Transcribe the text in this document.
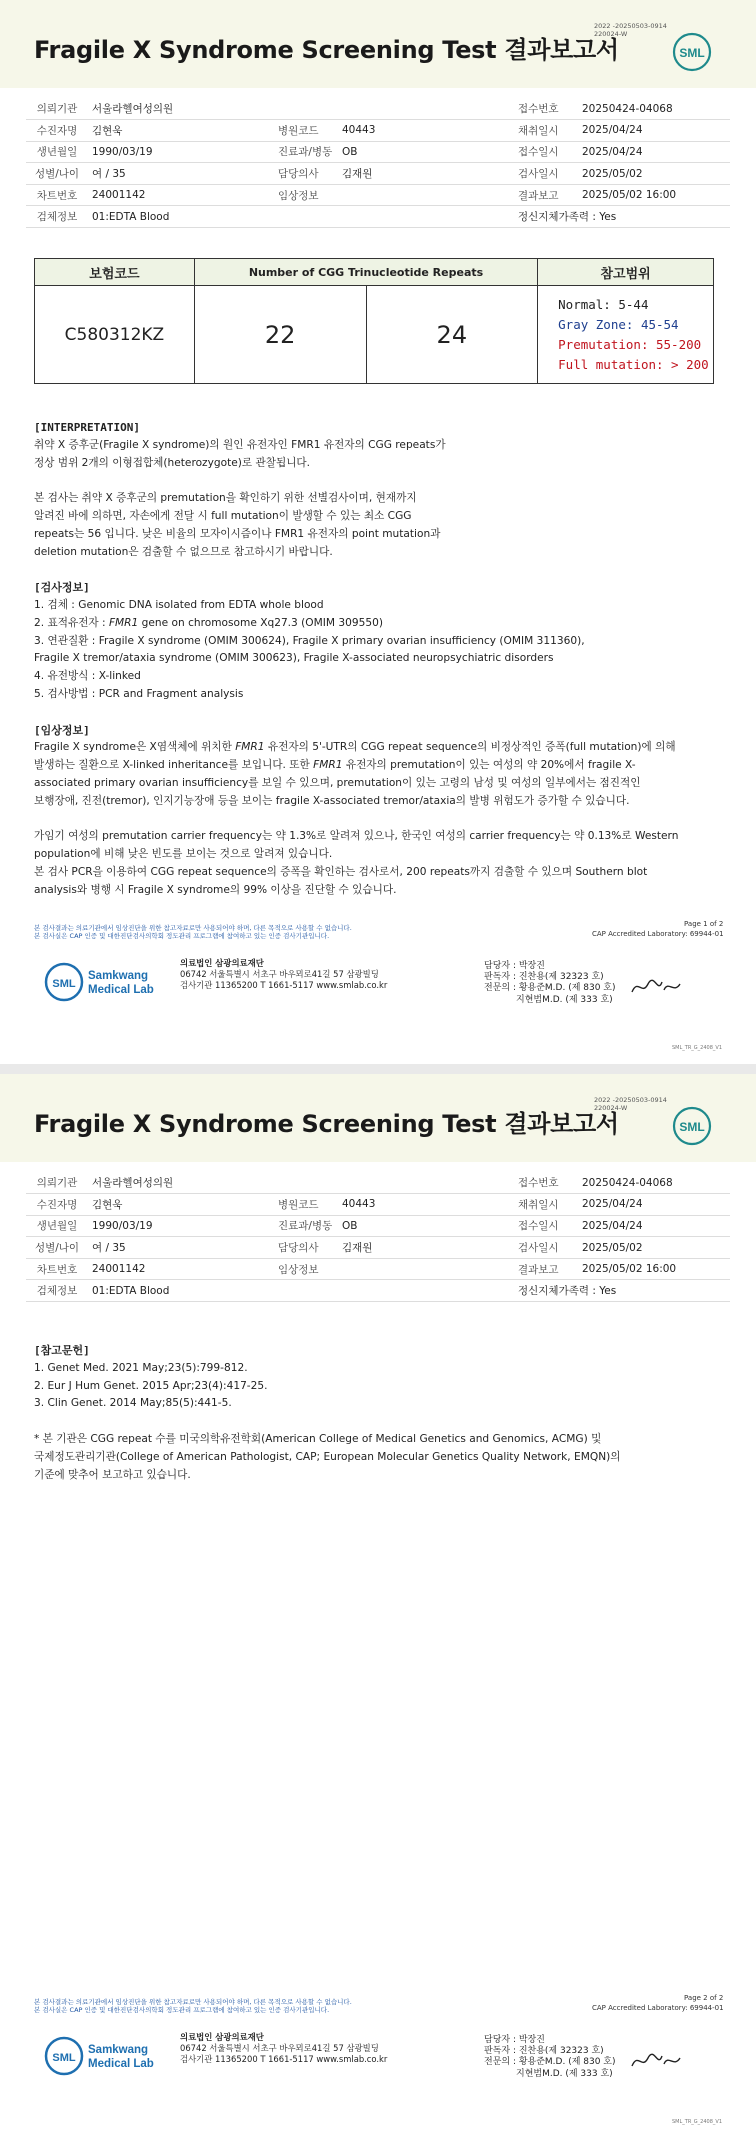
Fragile X Syndrome Screening Test 결과보고서
2022 -20250503-0914
220024-W
SML
의뢰기관	서울라헬여성의원			접수번호	20250424-04068
수진자명	김현욱	병원코드	40443	채취일시	2025/04/24
생년월일	1990/03/19	진료과/병동	OB	접수일시	2025/04/24
성별/나이	여 / 35	담당의사	김재원	검사일시	2025/05/02
차트번호	24001142	임상정보		결과보고	2025/05/02 16:00
검체정보	01:EDTA Blood			정신지체가족력 : Yes	
보험코드	Number of CGG Trinucleotide Repeats		참고범위
C580312KZ	22	24	Normal: 5-44
Gray Zone: 45-54
Premutation: 55-200
Full mutation: > 200
[INTERPRETATION]

취약 X 증후군(Fragile X syndrome)의 원인 유전자인 FMR1 유전자의 CGG repeats가
정상 범위 2개의 이형접합체(heterozygote)로 관찰됩니다.

본 검사는 취약 X 증후군의 premutation을 확인하기 위한 선별검사이며, 현재까지
알려진 바에 의하면, 자손에게 전달 시 full mutation이 발생할 수 있는 최소 CGG
repeats는 56 입니다. 낮은 비율의 모자이시즘이나 FMR1 유전자의 point mutation과
deletion mutation은 검출할 수 없으므로 참고하시기 바랍니다.

[검사정보]

1. 검체 : Genomic DNA isolated from EDTA whole blood

2. 표적유전자 : FMR1 gene on chromosome Xq27.3 (OMIM 309550)

3. 연관질환 : Fragile X syndrome (OMIM 300624), Fragile X primary ovarian insufficiency (OMIM 311360),
Fragile X tremor/ataxia syndrome (OMIM 300623), Fragile X-associated neuropsychiatric disorders

4. 유전방식 : X-linked

5. 검사방법 : PCR and Fragment analysis

[임상정보]

Fragile X syndrome은 X염색체에 위치한 FMR1 유전자의 5'-UTR의 CGG repeat sequence의 비정상적인 증폭(full mutation)에 의해
발생하는 질환으로 X-linked inheritance를 보입니다. 또한 FMR1 유전자의 premutation이 있는 여성의 약 20%에서 fragile X-
associated primary ovarian insufficiency를 보일 수 있으며, premutation이 있는 고령의 남성 및 여성의 일부에서는 점진적인
보행장애, 진전(tremor), 인지기능장애 등을 보이는 fragile X-associated tremor/ataxia의 발병 위험도가 증가할 수 있습니다.

가임기 여성의 premutation carrier frequency는 약 1.3%로 알려져 있으나, 한국인 여성의 carrier frequency는 약 0.13%로 Western
population에 비해 낮은 빈도를 보이는 것으로 알려져 있습니다.
본 검사 PCR을 이용하여 CGG repeat sequence의 증폭을 확인하는 검사로서, 200 repeats까지 검출할 수 있으며 Southern blot
analysis와 병행 시 Fragile X syndrome의 99% 이상을 진단할 수 있습니다.

본 검사결과는 의료기관에서 임상진단을 위한 참고자료로만 사용되어야 하며, 다른 목적으로 사용할 수 없습니다.
본 검사실은 CAP 인증 및 대한진단검사의학회 정도관리 프로그램에 참여하고 있는 인증 검사기관입니다.
Page 1 of 2
CAP Accredited Laboratory: 69944-01
SML
Samkwang
Medical Lab
의료법인 삼광의료재단
06742 서울특별시 서초구 바우뫼로41길 57 삼광빌딩
검사기관 11365200 T 1661-5117 www.smlab.co.kr
담당자 : 박장진
판독자 : 진찬용(제 32323 호)
전문의 : 황용준M.D. (제 830 호)
지현범M.D. (제 333 호)
SML_TR_G_2408_V1
Fragile X Syndrome Screening Test 결과보고서
2022 -20250503-0914
220024-W
SML
의뢰기관	서울라헬여성의원			접수번호	20250424-04068
수진자명	김현욱	병원코드	40443	채취일시	2025/04/24
생년월일	1990/03/19	진료과/병동	OB	접수일시	2025/04/24
성별/나이	여 / 35	담당의사	김재원	검사일시	2025/05/02
차트번호	24001142	임상정보		결과보고	2025/05/02 16:00
검체정보	01:EDTA Blood			정신지체가족력 : Yes	
[참고문헌]

1. Genet Med. 2021 May;23(5):799-812.

2. Eur J Hum Genet. 2015 Apr;23(4):417-25.

3. Clin Genet. 2014 May;85(5):441-5.

* 본 기관은 CGG repeat 수를 미국의학유전학회(American College of Medical Genetics and Genomics, ACMG) 및
국제정도관리기관(College of American Pathologist, CAP; European Molecular Genetics Quality Network, EMQN)의
기준에 맞추어 보고하고 있습니다.

본 검사결과는 의료기관에서 임상진단을 위한 참고자료로만 사용되어야 하며, 다른 목적으로 사용할 수 없습니다.
본 검사실은 CAP 인증 및 대한진단검사의학회 정도관리 프로그램에 참여하고 있는 인증 검사기관입니다.
Page 2 of 2
CAP Accredited Laboratory: 69944-01
SML
Samkwang
Medical Lab
의료법인 삼광의료재단
06742 서울특별시 서초구 바우뫼로41길 57 삼광빌딩
검사기관 11365200 T 1661-5117 www.smlab.co.kr
담당자 : 박장진
판독자 : 진찬용(제 32323 호)
전문의 : 황용준M.D. (제 830 호)
지현범M.D. (제 333 호)
SML_TR_G_2408_V1
